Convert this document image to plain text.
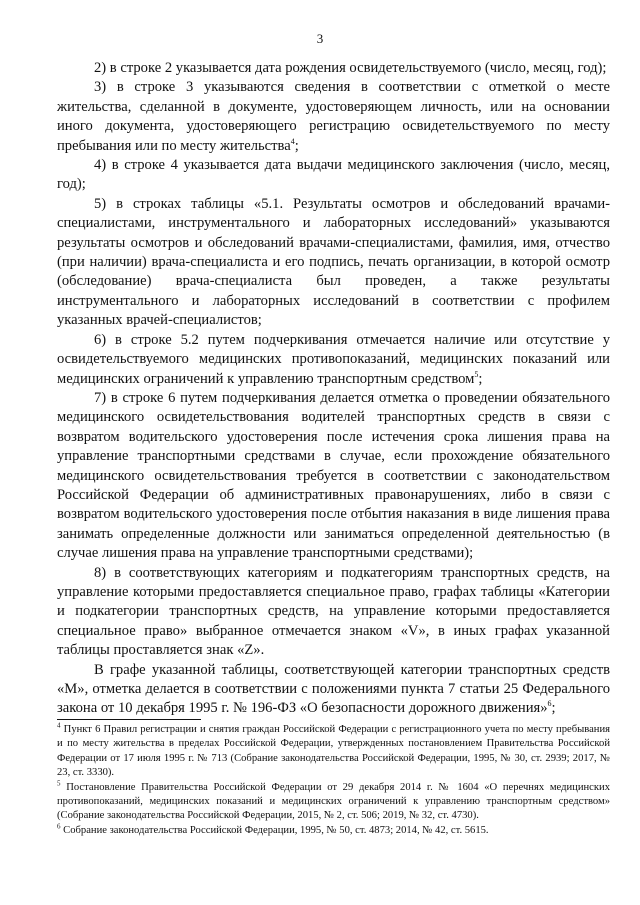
3

2) в строке 2 указывается дата рождения освидетельствуемого (число, месяц, год);

3) в строке 3 указываются сведения в соответствии с отметкой о месте жительства, сделанной в документе, удостоверяющем личность, или на основании иного документа, удостоверяющего регистрацию освидетельствуемого по месту пребывания или по месту жительства$^4$;

4) в строке 4 указывается дата выдачи медицинского заключения (число, месяц, год);

5) в строках таблицы «5.1. Результаты осмотров и обследований врачами-специалистами, инструментального и лабораторных исследований» указываются результаты осмотров и обследований врачами-специалистами, фамилия, имя, отчество (при наличии) врача-специалиста и его подпись, печать организации, в которой осмотр (обследование) врача-специалиста был проведен, а также результаты инструментального и лабораторных исследований в соответствии с профилем указанных врачей-специалистов;

6) в строке 5.2 путем подчеркивания отмечается наличие или отсутствие у освидетельствуемого медицинских противопоказаний, медицинских показаний или медицинских ограничений к управлению транспортным средством$^5$;

7) в строке 6 путем подчеркивания делается отметка о проведении обязательного медицинского освидетельствования водителей транспортных средств в связи с возвратом водительского удостоверения после истечения срока лишения права на управление транспортными средствами в случае, если прохождение обязательного медицинского освидетельствования требуется в соответствии с законодательством Российской Федерации об административных правонарушениях, либо в связи с возвратом водительского удостоверения после отбытия наказания в виде лишения права занимать определенные должности или заниматься определенной деятельностью (в случае лишения права на управление транспортными средствами);

8) в соответствующих категориям и подкатегориям транспортных средств, на управление которыми предоставляется специальное право, графах таблицы «Категории и подкатегории транспортных средств, на управление которыми предоставляется специальное право» выбранное отмечается знаком «V», в иных графах указанной таблицы проставляется знак «Z».

В графе указанной таблицы, соответствующей категории транспортных средств «М», отметка делается в соответствии с положениями пункта 7 статьи 25 Федерального закона от 10 декабря 1995 г. № 196-ФЗ «О безопасности дорожного движения»$^6$;

$^4$ Пункт 6 Правил регистрации и снятия граждан Российской Федерации с регистрационного учета по месту пребывания и по месту жительства в пределах Российской Федерации, утвержденных постановлением Правительства Российской Федерации от 17 июля 1995 г. № 713 (Собрание законодательства Российской Федерации, 1995, № 30, ст. 2939; 2017, № 23, ст. 3330).

$^5$ Постановление Правительства Российской Федерации от 29 декабря 2014 г. № 1604 «О перечнях медицинских противопоказаний, медицинских показаний и медицинских ограничений к управлению транспортным средством» (Собрание законодательства Российской Федерации, 2015, № 2, ст. 506; 2019, № 32, ст. 4730).

$^6$ Собрание законодательства Российской Федерации, 1995, № 50, ст. 4873; 2014, № 42, ст. 5615.
